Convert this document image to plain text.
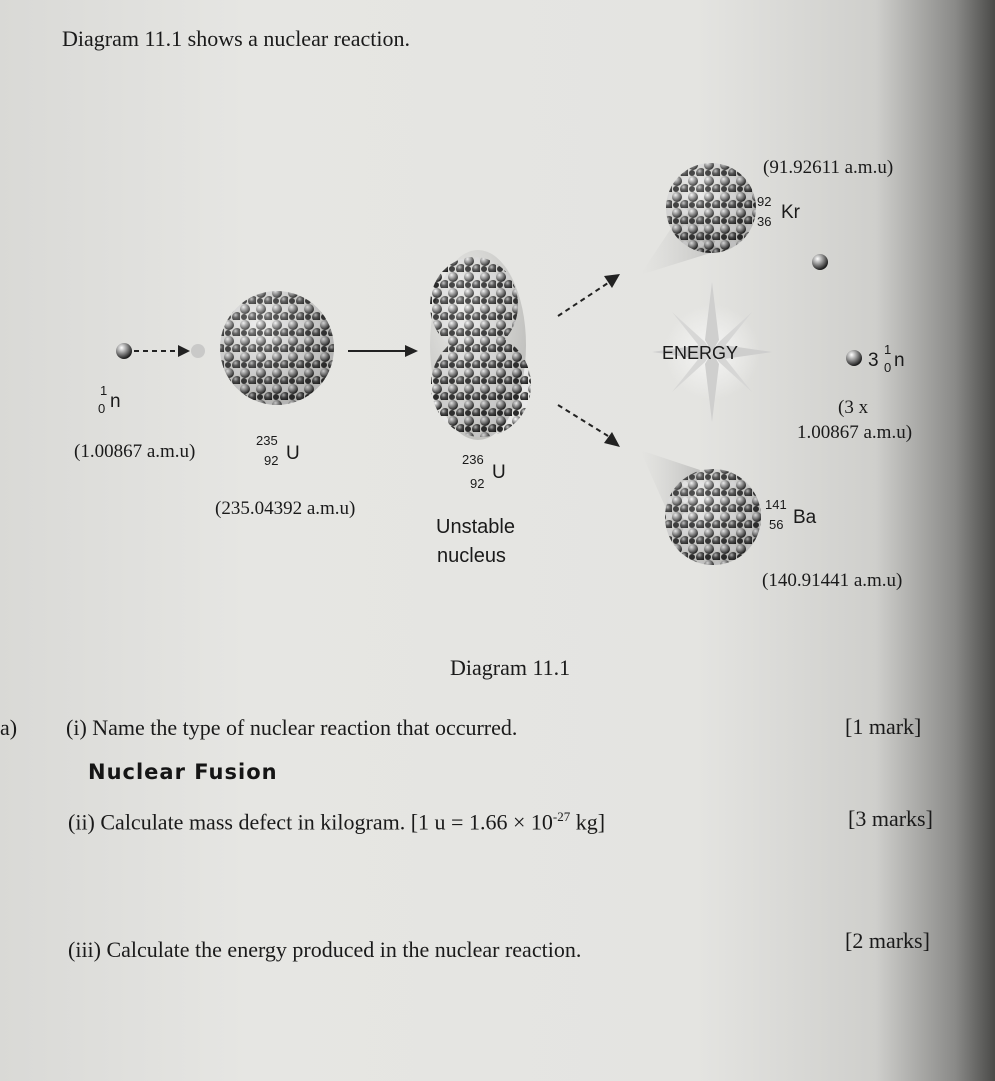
Diagram 11.1 shows a nuclear reaction.
1
0 n
(1.00867 a.m.u)
235
92 U
(235.04392 a.m.u)
236
92
U
Unstable
nucleus
(91.92611 a.m.u)
92
36 Kr
ENERGY	3
1
0 n
(3 x
1.00867 a.m.u)
141
56 Ba
(140.91441 a.m.u)
Diagram 11.1
a) (i) Name the type of nuclear reaction that occurred.	[1 mark]
Nuclear Fusion
(ii) Calculate mass defect in kilogram. [1 $u = 1.66 \times 10^{-27}$ kg]	[3 marks]
(iii) Calculate the energy produced in the nuclear reaction.	[2 marks]
